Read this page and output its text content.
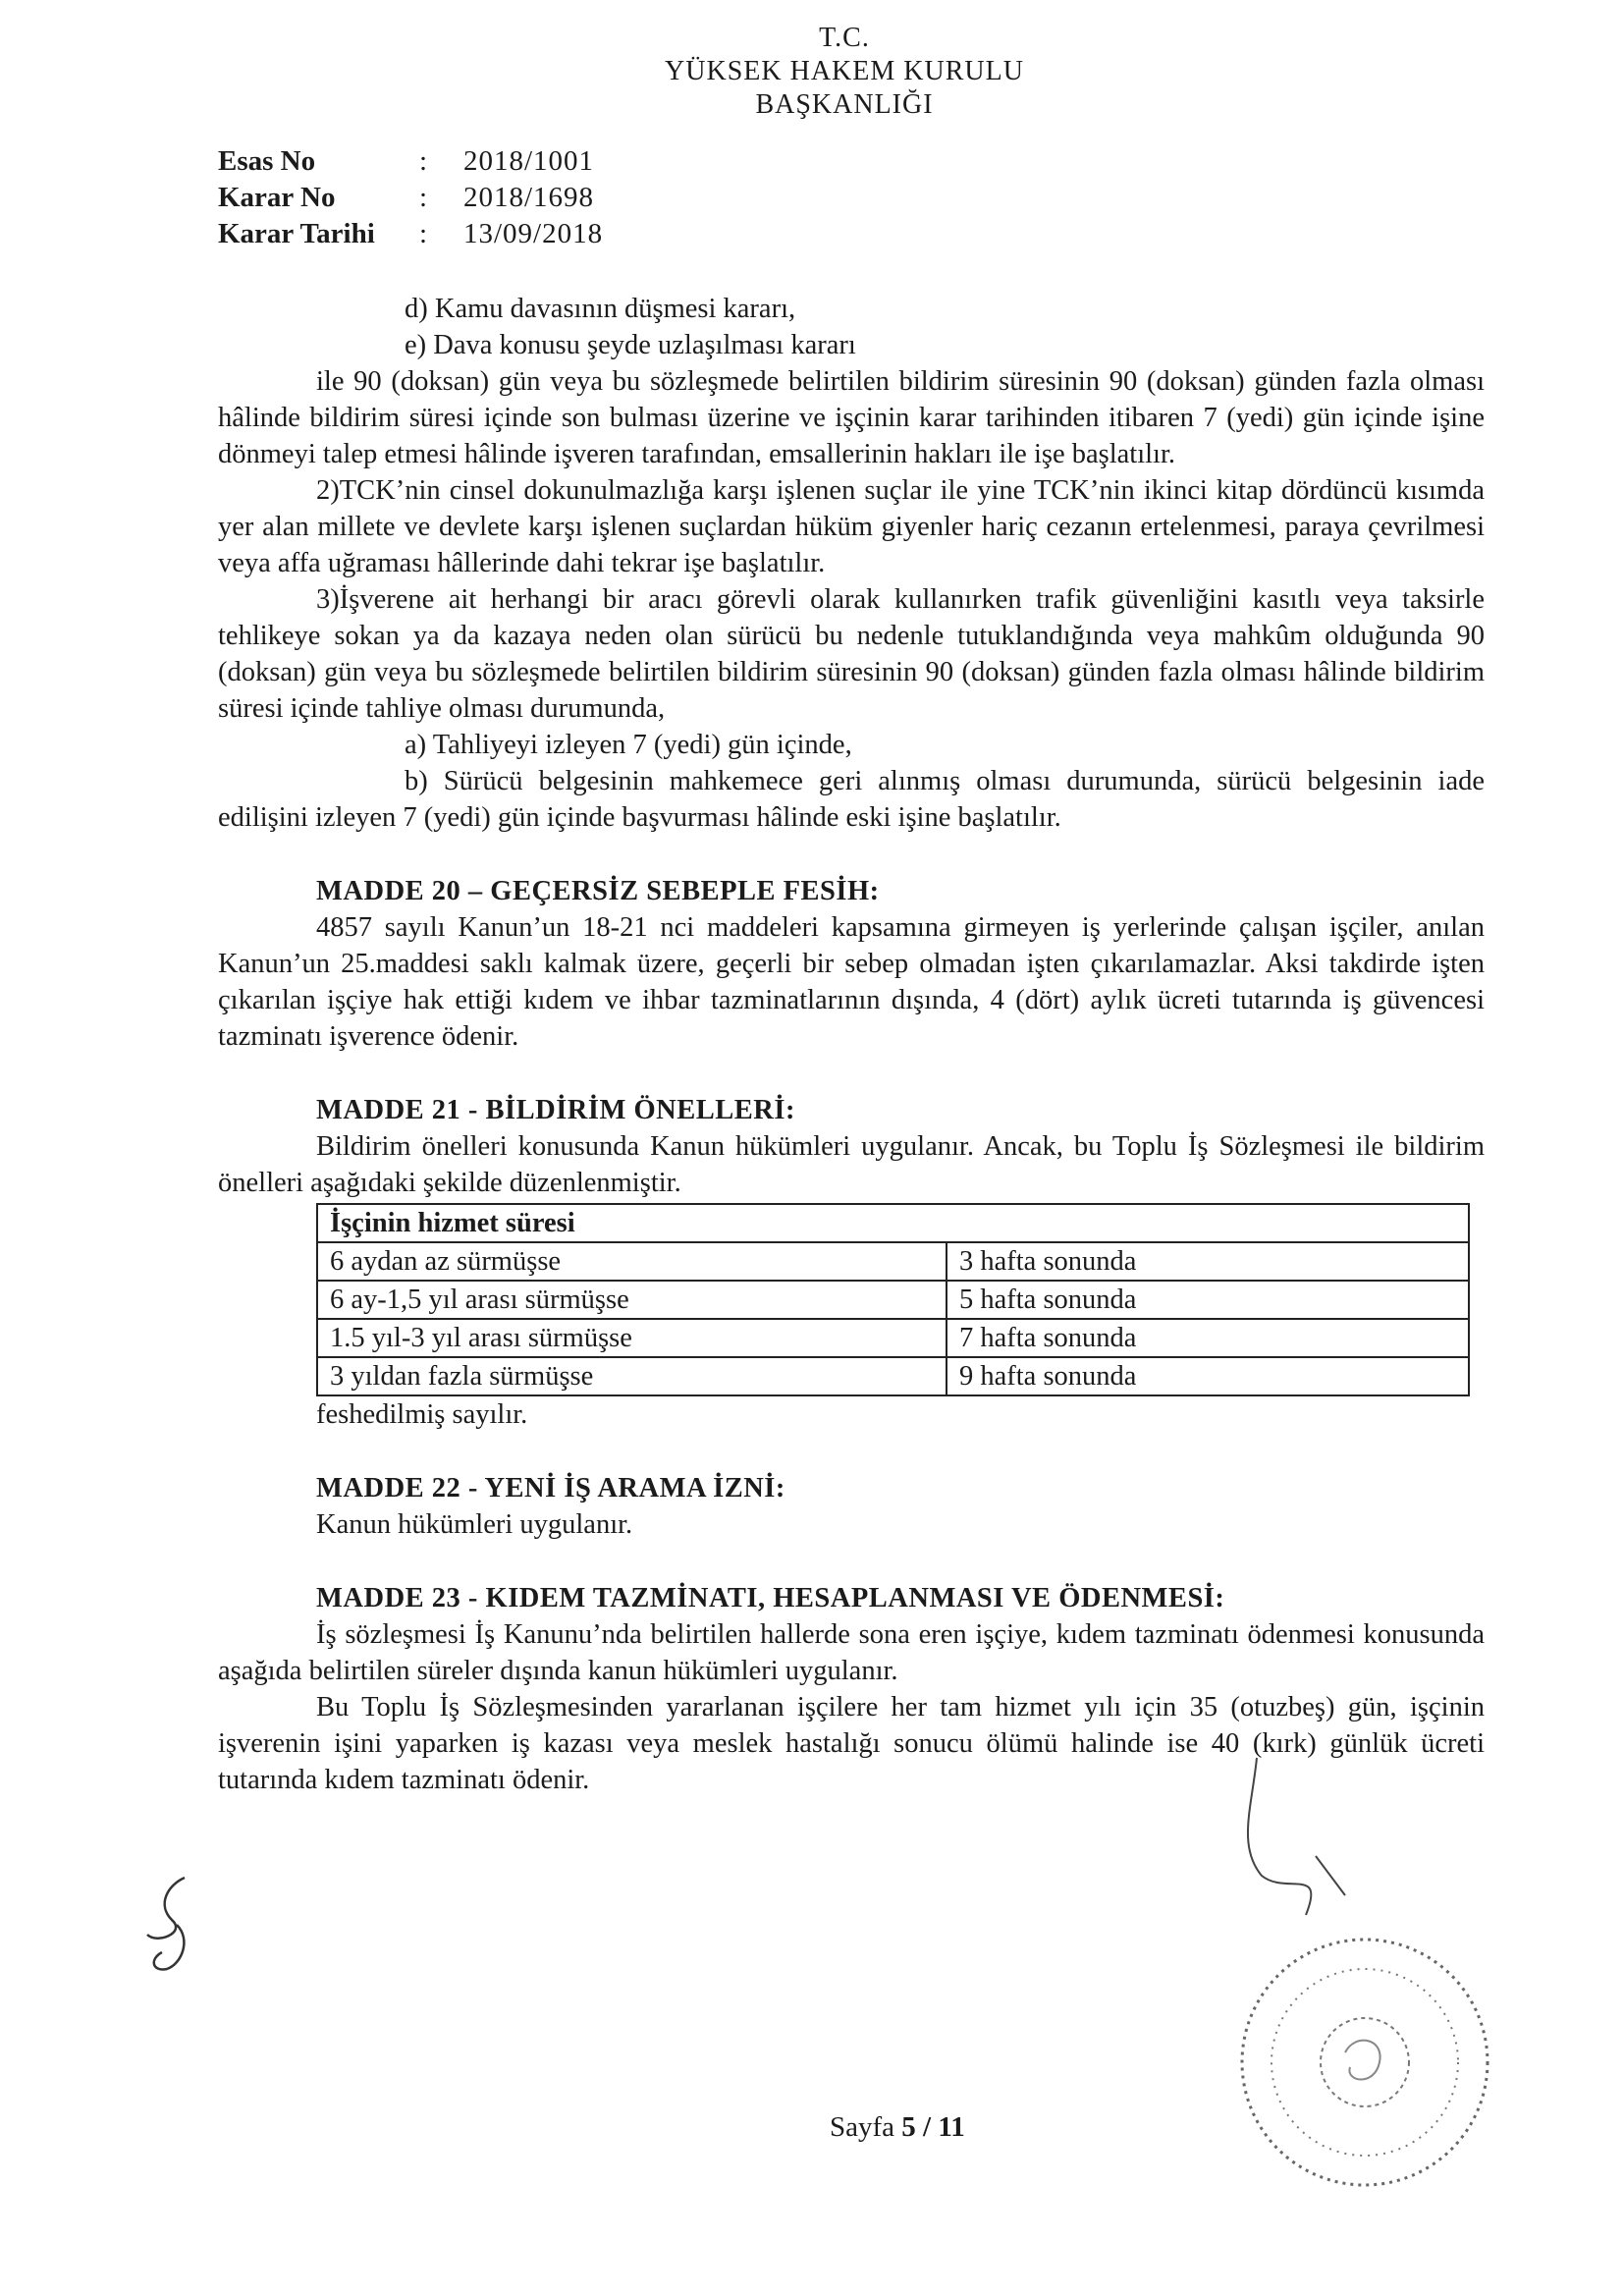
T.C.
YÜKSEK HAKEM KURULU
BAŞKANLIĞI
Esas No	:	2018/1001
Karar No	:	2018/1698
Karar Tarihi	:	13/09/2018

d) Kamu davasının düşmesi kararı,

e) Dava konusu şeyde uzlaşılması kararı

ile 90 (doksan) gün veya bu sözleşmede belirtilen bildirim süresinin 90 (doksan) günden fazla olması hâlinde bildirim süresi içinde son bulması üzerine ve işçinin karar tarihinden itibaren 7 (yedi) gün içinde işine dönmeyi talep etmesi hâlinde işveren tarafından, emsallerinin hakları ile işe başlatılır.

2)TCK’nin cinsel dokunulmazlığa karşı işlenen suçlar ile yine TCK’nin ikinci kitap dördüncü kısımda yer alan millete ve devlete karşı işlenen suçlardan hüküm giyenler hariç cezanın ertelenmesi, paraya çevrilmesi veya affa uğraması hâllerinde dahi tekrar işe başlatılır.

3)İşverene ait herhangi bir aracı görevli olarak kullanırken trafik güvenliğini kasıtlı veya taksirle tehlikeye sokan ya da kazaya neden olan sürücü bu nedenle tutuklandığında veya mahkûm olduğunda 90 (doksan) gün veya bu sözleşmede belirtilen bildirim süresinin 90 (doksan) günden fazla olması hâlinde bildirim süresi içinde tahliye olması durumunda,

a) Tahliyeyi izleyen 7 (yedi) gün içinde,

b) Sürücü belgesinin mahkemece geri alınmış olması durumunda, sürücü belgesinin iade edilişini izleyen 7 (yedi) gün içinde başvurması hâlinde eski işine başlatılır.

MADDE 20 – GEÇERSİZ SEBEPLE FESİH:

4857 sayılı Kanun’un 18-21 nci maddeleri kapsamına girmeyen iş yerlerinde çalışan işçiler, anılan Kanun’un 25.maddesi saklı kalmak üzere, geçerli bir sebep olmadan işten çıkarılamazlar. Aksi takdirde işten çıkarılan işçiye hak ettiği kıdem ve ihbar tazminatlarının dışında, 4 (dört) aylık ücreti tutarında iş güvencesi tazminatı işverence ödenir.

MADDE 21 - BİLDİRİM ÖNELLERİ:

Bildirim önelleri konusunda Kanun hükümleri uygulanır. Ancak, bu Toplu İş Sözleşmesi ile bildirim önelleri aşağıdaki şekilde düzenlenmiştir.

İşçinin hizmet süresi	
6 aydan az sürmüşse	3 hafta sonunda
6 ay-1,5 yıl arası sürmüşse	5 hafta sonunda
1.5 yıl-3 yıl arası sürmüşse	7 hafta sonunda
3 yıldan fazla sürmüşse	9 hafta sonunda

feshedilmiş sayılır.

MADDE 22 - YENİ İŞ ARAMA İZNİ:

Kanun hükümleri uygulanır.

MADDE 23 - KIDEM TAZMİNATI, HESAPLANMASI VE ÖDENMESİ:

İş sözleşmesi İş Kanunu’nda belirtilen hallerde sona eren işçiye, kıdem tazminatı ödenmesi konusunda aşağıda belirtilen süreler dışında kanun hükümleri uygulanır.

Bu Toplu İş Sözleşmesinden yararlanan işçilere her tam hizmet yılı için 35 (otuzbeş) gün, işçinin işverenin işini yaparken iş kazası veya meslek hastalığı sonucu ölümü halinde ise 40 (kırk) günlük ücreti tutarında kıdem tazminatı ödenir.

Sayfa 5 / 11
